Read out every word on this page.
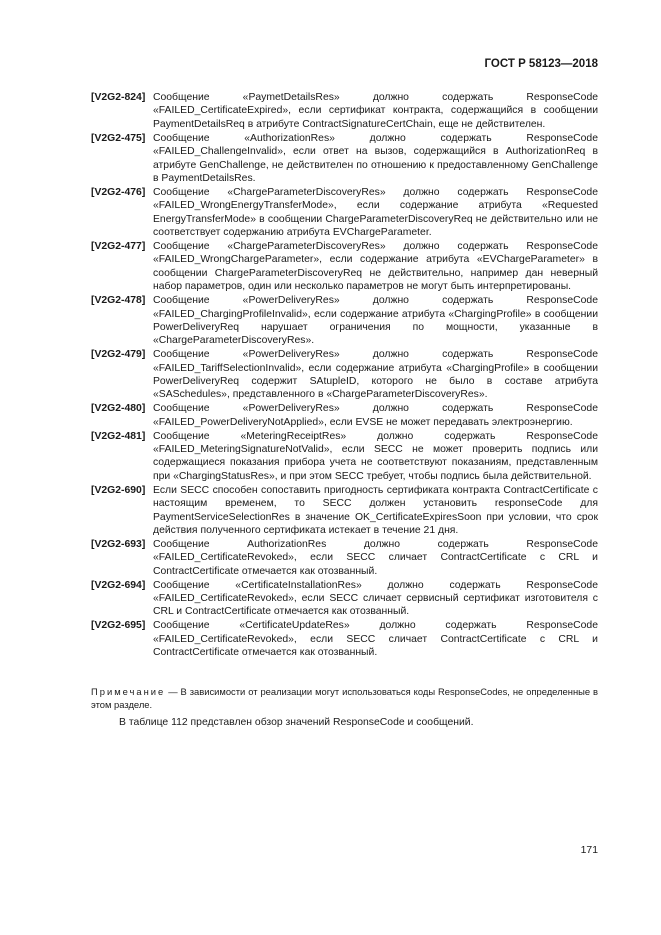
ГОСТ Р 58123—2018
[V2G2-824] Сообщение «PaymetDetailsRes» должно содержать ResponseCode «FAILED_CertificateExpired», если сертификат контракта, содержащийся в сообщении PaymentDetailsReq в атрибуте ContractSignatureCertChain, еще не действителен.
[V2G2-475] Сообщение «AuthorizationRes» должно содержать ResponseCode «FAILED_ChallengeInvalid», если ответ на вызов, содержащийся в AuthorizationReq в атрибуте GenChallenge, не действителен по отношению к предоставленному GenChallenge в PaymentDetailsRes.
[V2G2-476] Сообщение «ChargeParameterDiscoveryRes» должно содержать ResponseCode «FAILED_WrongEnergyTransferMode», если содержание атрибута «Requested EnergyTransferMode» в сообщении ChargeParameterDiscoveryReq не действительно или не соответствует содержанию атрибута EVChargeParameter.
[V2G2-477] Сообщение «ChargeParameterDiscoveryRes» должно содержать ResponseCode «FAILED_WrongChargeParameter», если содержание атрибута «EVChargeParameter» в сообщении ChargeParameterDiscoveryReq не действительно, например дан неверный набор параметров, один или несколько параметров не могут быть интерпретированы.
[V2G2-478] Сообщение «PowerDeliveryRes» должно содержать ResponseCode «FAILED_ChargingProfileInvalid», если содержание атрибута «ChargingProfile» в сообщении PowerDeliveryReq нарушает ограничения по мощности, указанные в «ChargeParameterDiscoveryRes».
[V2G2-479] Сообщение «PowerDeliveryRes» должно содержать ResponseCode «FAILED_TariffSelectionInvalid», если содержание атрибута «ChargingProfile» в сообщении PowerDeliveryReq содержит SAtupleID, которого не было в составе атрибута «SASchedules», представленного в «ChargeParameterDiscoveryRes».
[V2G2-480] Сообщение «PowerDeliveryRes» должно содержать ResponseCode «FAILED_PowerDeliveryNotApplied», если EVSE не может передавать электроэнергию.
[V2G2-481] Сообщение «MeteringReceiptRes» должно содержать ResponseCode «FAILED_MeteringSignatureNotValid», если SECC не может проверить подпись или содержащиеся показания прибора учета не соответствуют показаниям, представленным при «ChargingStatusRes», и при этом SECC требует, чтобы подпись была действительной.
[V2G2-690] Если SECC способен сопоставить пригодность сертификата контракта ContractCertificate с настоящим временем, то SECC должен установить responseCode для PaymentServiceSelectionRes в значение OK_CertificateExpiresSoon при условии, что срок действия полученного сертификата истекает в течение 21 дня.
[V2G2-693] Сообщение AuthorizationRes должно содержать ResponseCode «FAILED_CertificateRevoked», если SECC сличает ContractCertificate с CRL и ContractCertificate отмечается как отозванный.
[V2G2-694] Сообщение «CertificateInstallationRes» должно содержать ResponseCode «FAILED_CertificateRevoked», если SECC сличает сервисный сертификат изготовителя с CRL и ContractCertificate отмечается как отозванный.
[V2G2-695] Сообщение «CertificateUpdateRes» должно содержать ResponseCode «FAILED_CertificateRevoked», если SECC сличает ContractCertificate с CRL и ContractCertificate отмечается как отозванный.
Примечание — В зависимости от реализации могут использоваться коды ResponseCodes, не определенные в этом разделе.
В таблице 112 представлен обзор значений ResponseCode и сообщений.
171
